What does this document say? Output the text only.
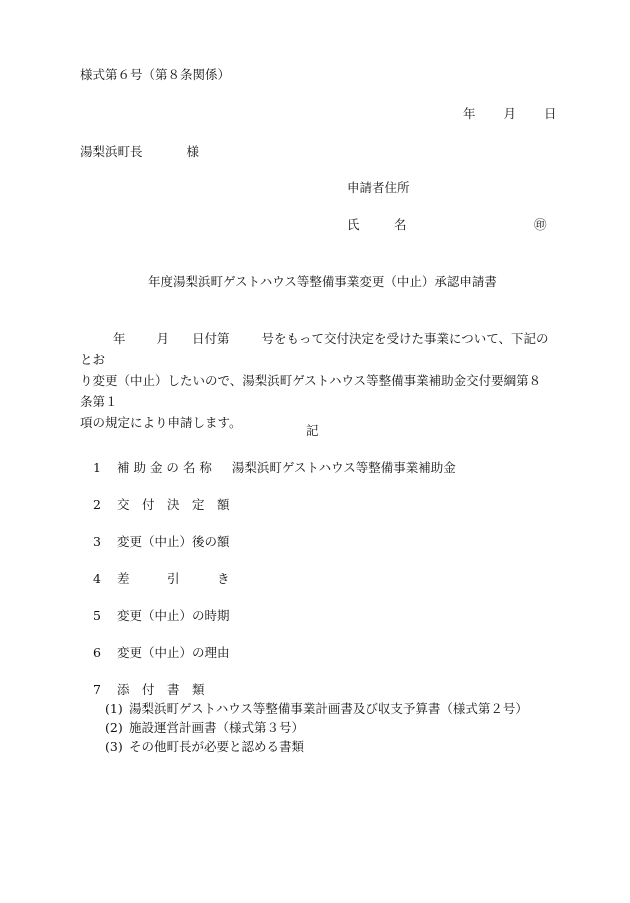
様式第６号（第８条関係）
年 月 日
湯梨浜町長	様
申請者住所
氏	名	㊞
年度湯梨浜町ゲストハウス等整備事業変更（中止）承認申請書

年 月 日付第	号をもって交付決定を受けた事業について、下記のとお

り変更（中止）したいので、湯梨浜町ゲストハウス等整備事業補助金交付要綱第８条第１

項の規定により申請します。

記
1 補 助 金 の 名 称 湯梨浜町ゲストハウス等整備事業補助金
2 交　付　決　定　額
3 変更（中止）後の額
4 差　　　引　　　き
5 変更（中止）の時期
6 変更（中止）の理由
7 添　付　書　類
(1) 湯梨浜町ゲストハウス等整備事業計画書及び収支予算書（様式第２号）
(2) 施設運営計画書（様式第３号）
(3) その他町長が必要と認める書類
